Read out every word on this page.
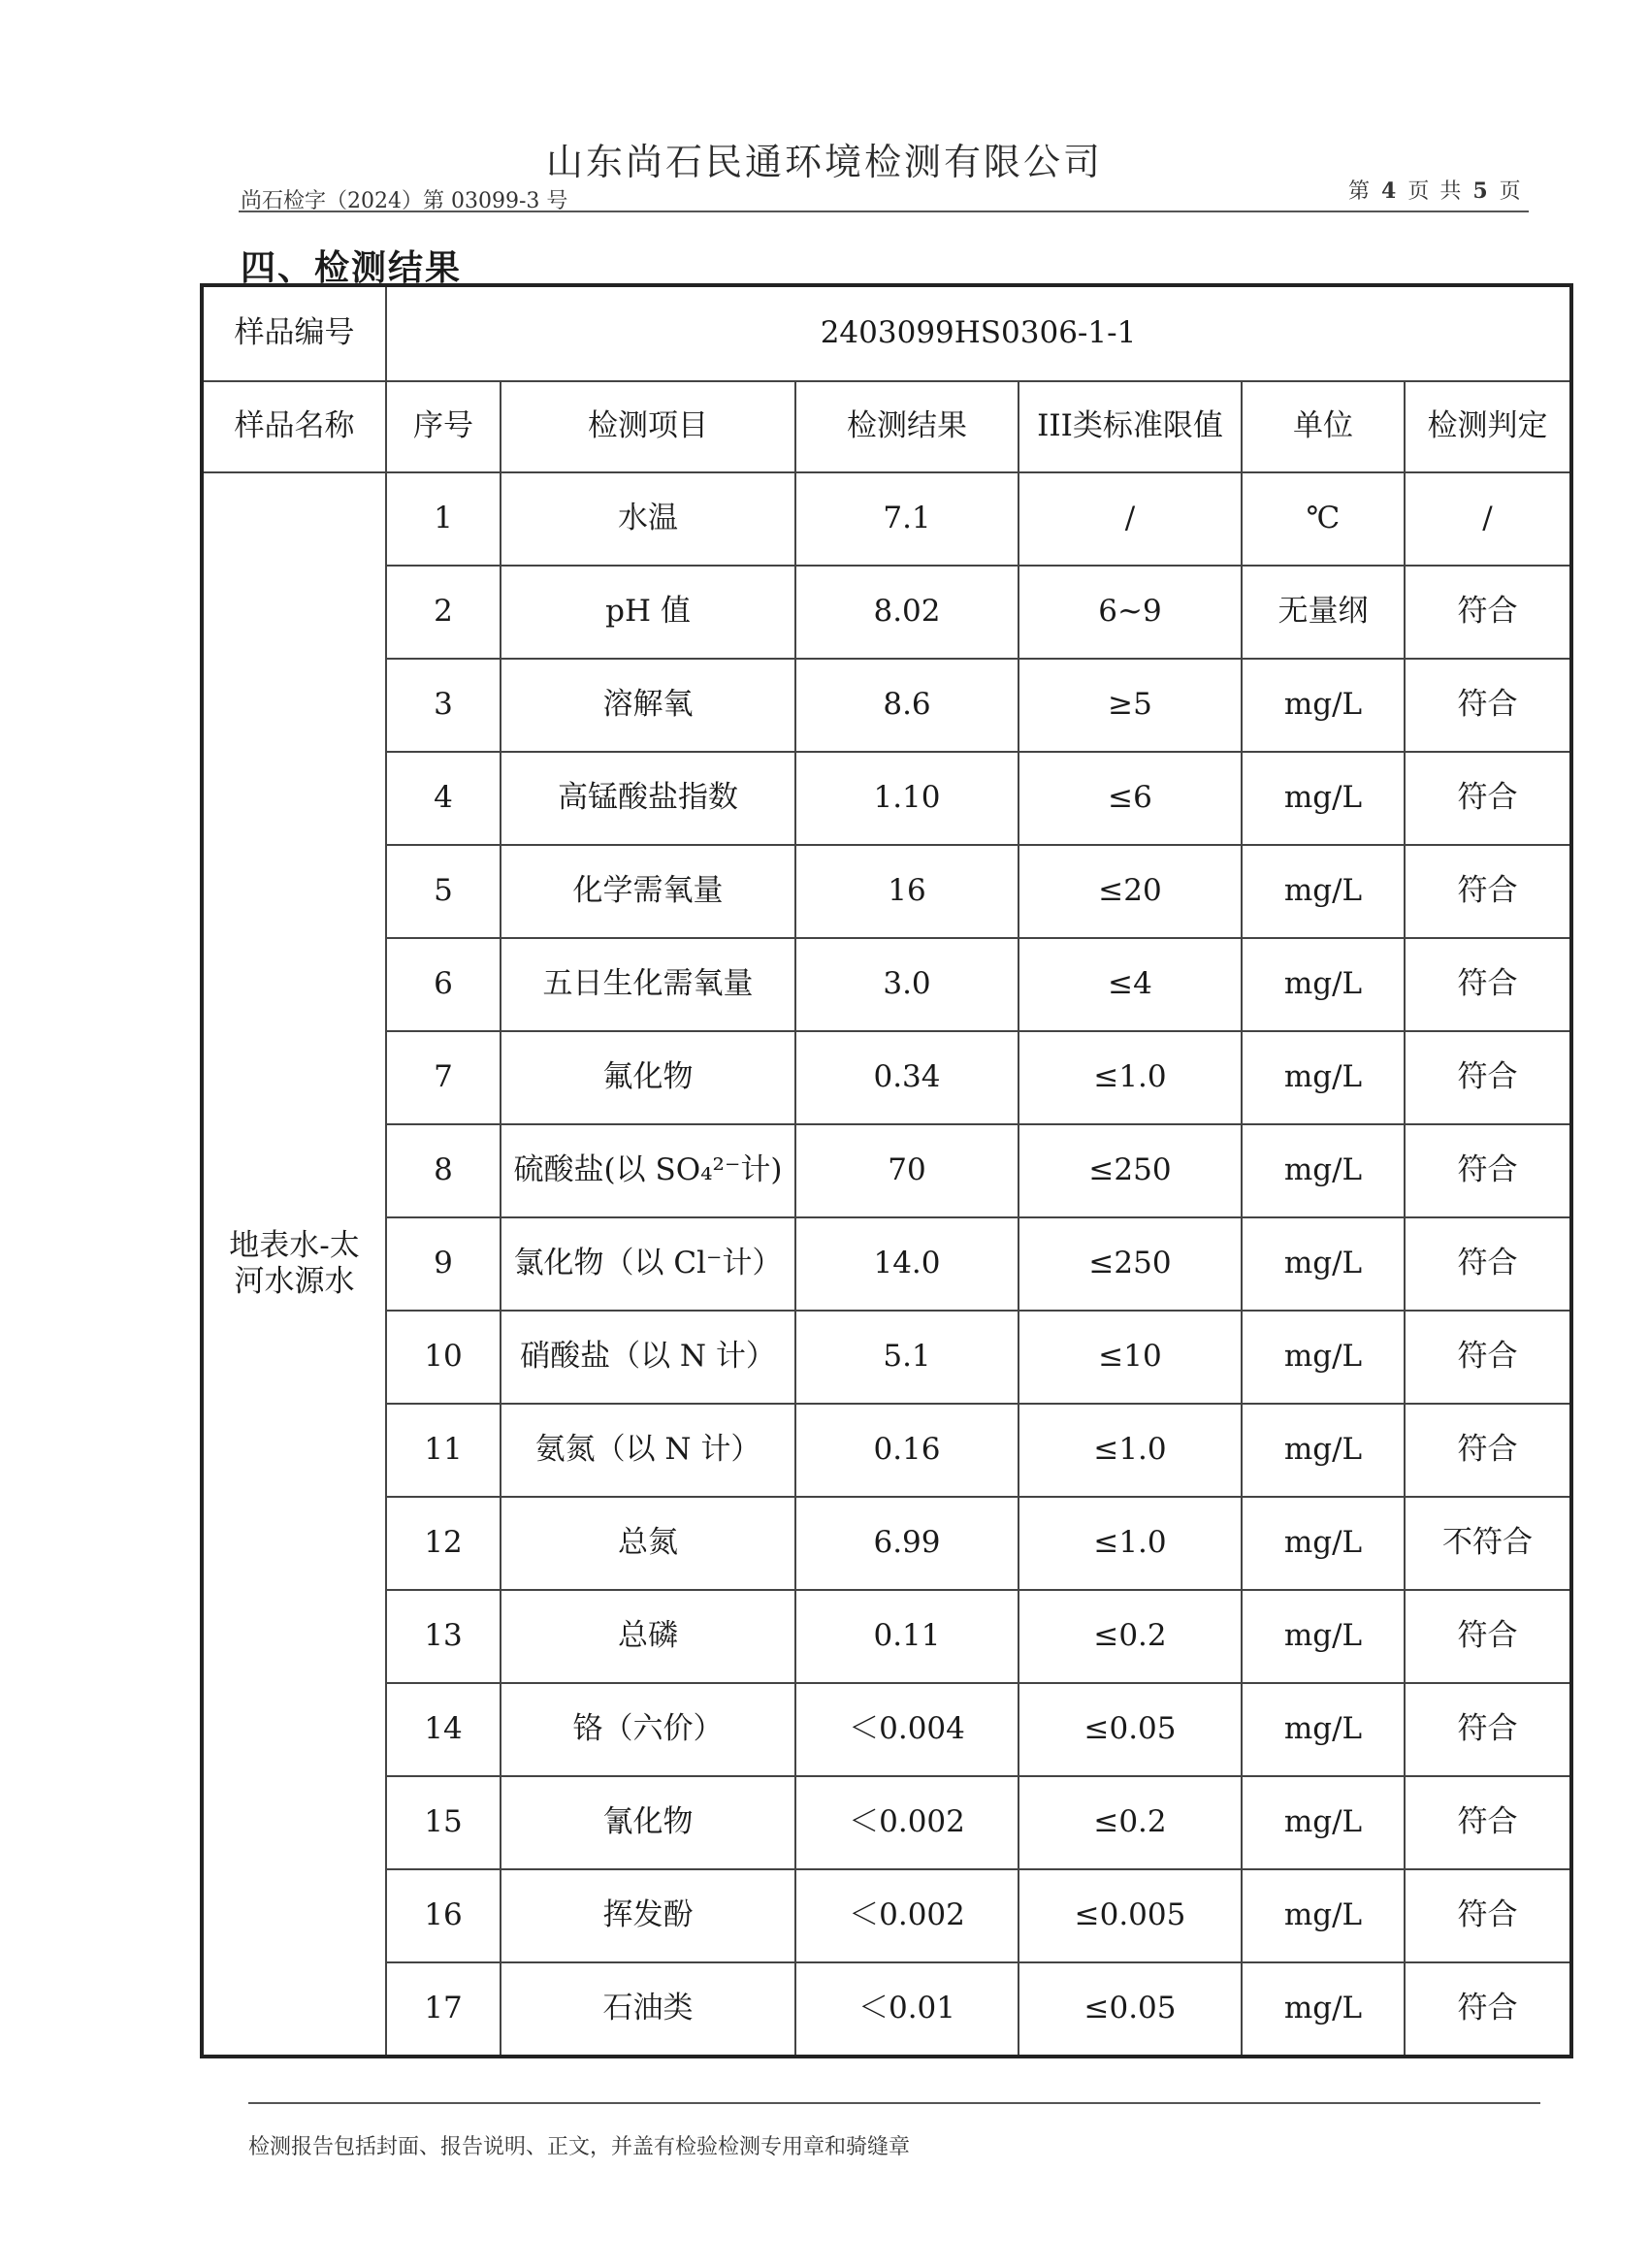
山东尚石民通环境检测有限公司
尚石检字（2024）第 03099-3 号	第 4 页 共 5 页
四、检测结果
样品编号	2403099HS0306-1-1					
样品名称	序号	检测项目	检测结果	III类标准限值	单位	检测判定

地表水-太
河水源水	1	水温	7.1	/	℃	/
	2	pH 值	8.02	6~9	无量纲	符合
	3	溶解氧	8.6	≥5	mg/L	符合
	4	高锰酸盐指数	1.10	≤6	mg/L	符合
	5	化学需氧量	16	≤20	mg/L	符合
	6	五日生化需氧量	3.0	≤4	mg/L	符合
	7	氟化物	0.34	≤1.0	mg/L	符合
	8	硫酸盐(以 SO₄²⁻计)	70	≤250	mg/L	符合
	9	氯化物（以 Cl⁻计）	14.0	≤250	mg/L	符合
	10	硝酸盐（以 N 计）	5.1	≤10	mg/L	符合
	11	氨氮（以 N 计）	0.16	≤1.0	mg/L	符合
	12	总氮	6.99	≤1.0	mg/L	不符合
	13	总磷	0.11	≤0.2	mg/L	符合
	14	铬（六价）	＜0.004	≤0.05	mg/L	符合
	15	氰化物	＜0.002	≤0.2	mg/L	符合
	16	挥发酚	＜0.002	≤0.005	mg/L	符合
	17	石油类	＜0.01	≤0.05	mg/L	符合
检测报告包括封面、报告说明、正文，并盖有检验检测专用章和骑缝章
